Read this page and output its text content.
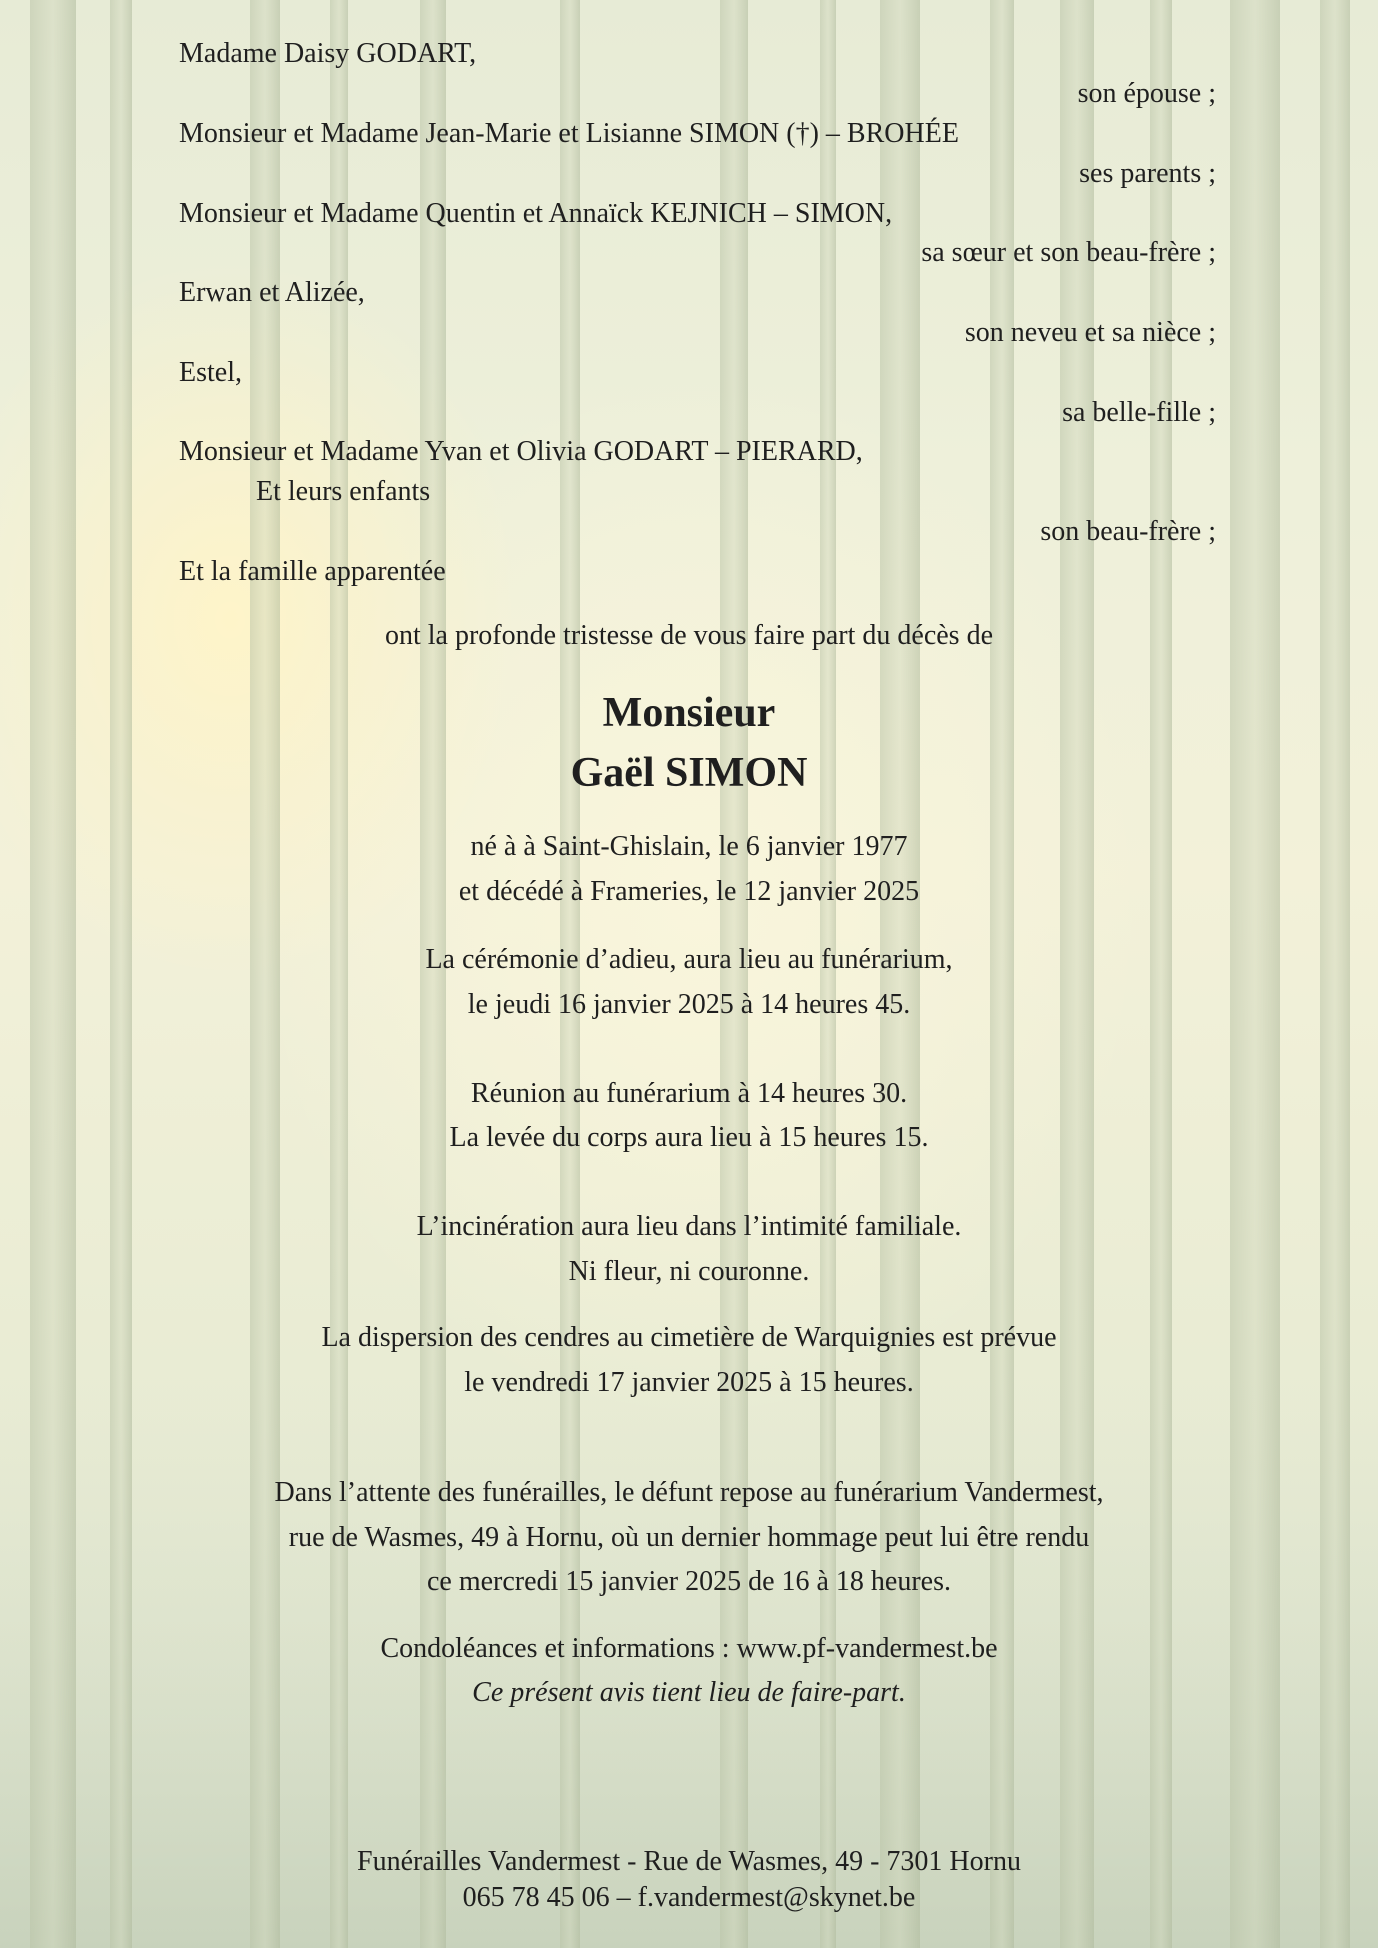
Madame Daisy GODART,
son épouse ;
Monsieur et Madame Jean-Marie et Lisianne SIMON (†) – BROHÉE
ses parents ;
Monsieur et Madame Quentin et Annaïck KEJNICH – SIMON,
sa sœur et son beau-frère ;
Erwan et Alizée,
son neveu et sa nièce ;
Estel,
sa belle-fille ;
Monsieur et Madame Yvan et Olivia GODART – PIERARD,
Et leurs enfants
son beau-frère ;
Et la famille apparentée
ont la profonde tristesse de vous faire part du décès de
Monsieur
Gaël SIMON
né à à Saint-Ghislain, le 6 janvier 1977
et décédé à Frameries, le 12 janvier 2025
La cérémonie d’adieu, aura lieu au funérarium,
le jeudi 16 janvier 2025 à 14 heures 45.
Réunion au funérarium à 14 heures 30.
La levée du corps aura lieu à 15 heures 15.
L’incinération aura lieu dans l’intimité familiale.
Ni fleur, ni couronne.
La dispersion des cendres au cimetière de Warquignies est prévue
le vendredi 17 janvier 2025 à 15 heures.
Dans l’attente des funérailles, le défunt repose au funérarium Vandermest,
rue de Wasmes, 49 à Hornu, où un dernier hommage peut lui être rendu
ce mercredi 15 janvier 2025 de 16 à 18 heures.
Condoléances et informations : www.pf-vandermest.be
Ce présent avis tient lieu de faire-part.
Funérailles Vandermest - Rue de Wasmes, 49 - 7301 Hornu
065 78 45 06 – f.vandermest@skynet.be
